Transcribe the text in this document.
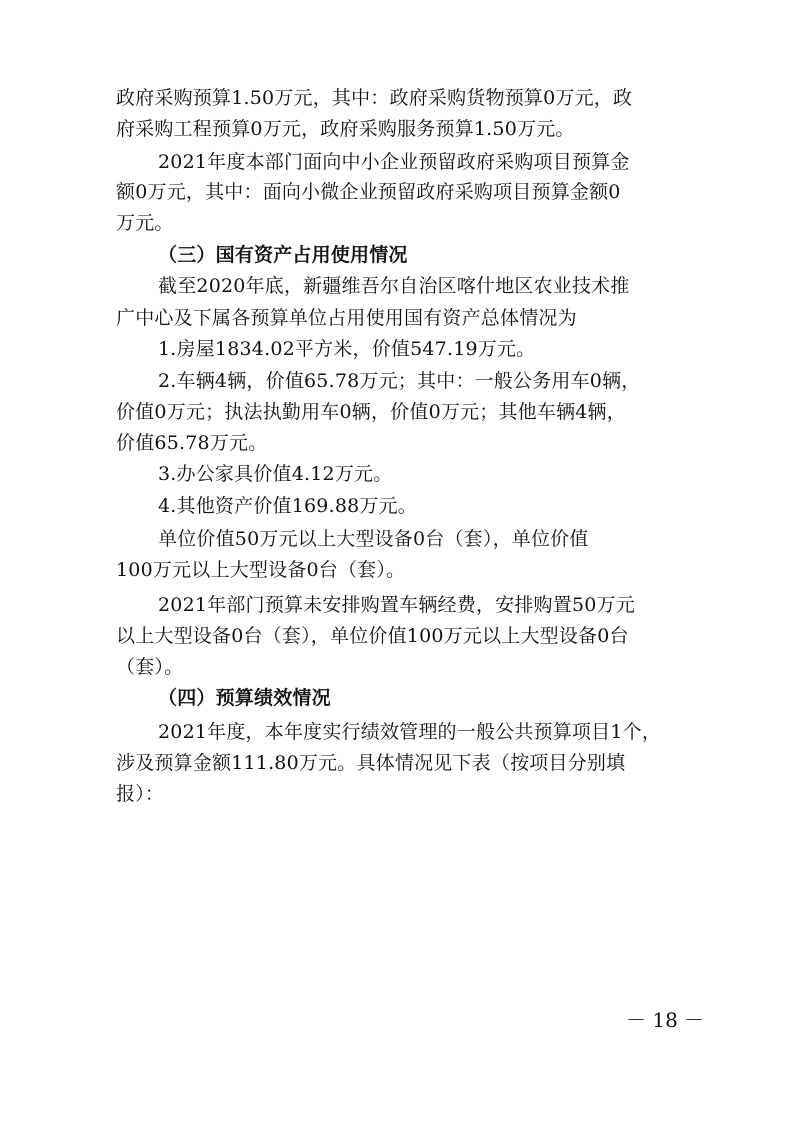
政府采购预算1.50万元，其中：政府采购货物预算0万元，政
府采购工程预算0万元，政府采购服务预算1.50万元。
2021年度本部门面向中小企业预留政府采购项目预算金
额0万元，其中：面向小微企业预留政府采购项目预算金额0
万元。
（三）国有资产占用使用情况
截至2020年底，新疆维吾尔自治区喀什地区农业技术推
广中心及下属各预算单位占用使用国有资产总体情况为
1.房屋1834.02平方米，价值547.19万元。
2.车辆4辆，价值65.78万元；其中：一般公务用车0辆，
价值0万元；执法执勤用车0辆，价值0万元；其他车辆4辆，
价值65.78万元。
3.办公家具价值4.12万元。
4.其他资产价值169.88万元。
单位价值50万元以上大型设备0台（套），单位价值
100万元以上大型设备0台（套）。
2021年部门预算未安排购置车辆经费，安排购置50万元
以上大型设备0台（套），单位价值100万元以上大型设备0台
（套）。
（四）预算绩效情况
2021年度，本年度实行绩效管理的一般公共预算项目1个，
涉及预算金额111.80万元。具体情况见下表（按项目分别填
报）：
－ 18 －
